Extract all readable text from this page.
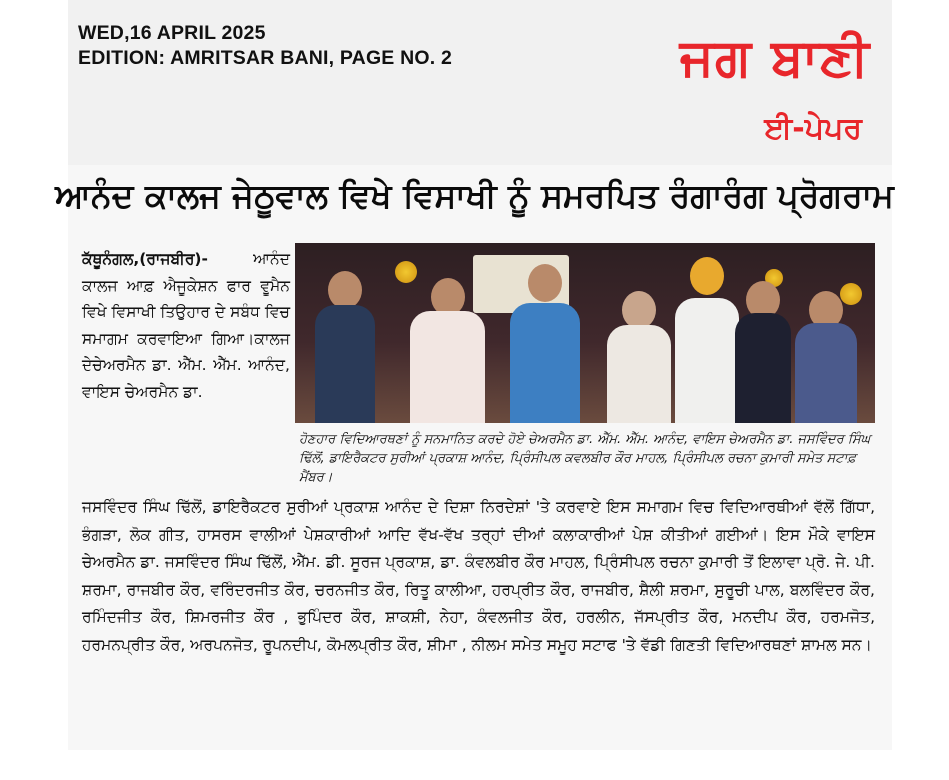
WED,16 APRIL 2025
EDITION: AMRITSAR BANI, PAGE NO. 2	ਜਗ ਬਾਣੀ
ਈ-ਪੇਪਰ
ਆਨੰਦ ਕਾਲਜ ਜੇਠੂਵਾਲ ਵਿਖੇ ਵਿਸਾਖੀ ਨੂੰ ਸਮਰਪਿਤ ਰੰਗਾਰੰਗ ਪ੍ਰੋਗਰਾਮ
ਕੱਥੂਨੰਗਲ,(ਰਾਜਬੀਰ)-	ਆਨੰਦ ਕਾਲਜ ਆਫ਼ ਐਜੂਕੇਸ਼ਨ ਫਾਰ ਵੂਮੈਨ ਵਿਖੇ ਵਿਸਾਖੀ ਤਿਉਹਾਰ ਦੇ ਸਬੰਧ ਵਿਚ ਸਮਾਗਮ ਕਰਵਾਇਆ ਗਿਆ।ਕਾਲਜ ਦੇਚੇਅਰਮੈਨ ਡਾ. ਐੱਮ. ਐੱਮ. ਆਨੰਦ, ਵਾਇਸ ਚੇਅਰਮੈਨ ਡਾ.
ਹੋਣਹਾਰ ਵਿਦਿਆਰਥਣਾਂ ਨੂੰ ਸਨਮਾਨਿਤ ਕਰਦੇ ਹੋਏ ਚੇਅਰਮੈਨ ਡਾ. ਐੱਮ. ਐੱਮ. ਆਨੰਦ, ਵਾਇਸ ਚੇਅਰਮੈਨ ਡਾ. ਜਸਵਿੰਦਰ ਸਿੰਘ ਢਿੱਲੋਂ, ਡਾਇਰੈਕਟਰ ਸੁਰੀਆਂ ਪ੍ਰਕਾਸ਼ ਆਨੰਦ, ਪ੍ਰਿੰਸੀਪਲ ਕਵਲਬੀਰ ਕੌਰ ਮਾਹਲ, ਪ੍ਰਿੰਸੀਪਲ ਰਚਨਾ ਕੁਮਾਰੀ ਸਮੇਤ ਸਟਾਫ਼ ਮੈਂਬਰ।
ਜਸਵਿੰਦਰ ਸਿੰਘ ਢਿੱਲੋਂ, ਡਾਇਰੈਕਟਰ ਸੁਰੀਆਂ ਪ੍ਰਕਾਸ਼ ਆਨੰਦ ਦੇ ਦਿਸ਼ਾ ਨਿਰਦੇਸ਼ਾਂ 'ਤੇ ਕਰਵਾਏ ਇਸ ਸਮਾਗਮ ਵਿਚ ਵਿਦਿਆਰਥੀਆਂ ਵੱਲੋਂ ਗਿੱਧਾ, ਭੰਗੜਾ, ਲੋਕ ਗੀਤ, ਹਾਸਰਸ ਵਾਲੀਆਂ ਪੇਸ਼ਕਾਰੀਆਂ ਆਦਿ ਵੱਖ-ਵੱਖ ਤਰ੍ਹਾਂ ਦੀਆਂ ਕਲਾਕਾਰੀਆਂ ਪੇਸ਼ ਕੀਤੀਆਂ ਗਈਆਂ। ਇਸ ਮੌਕੇ ਵਾਇਸ ਚੇਅਰਮੈਨ ਡਾ. ਜਸਵਿੰਦਰ ਸਿੰਘ ਢਿੱਲੋਂ, ਐੱਮ. ਡੀ. ਸੂਰਜ ਪ੍ਰਕਾਸ਼, ਡਾ. ਕੰਵਲਬੀਰ ਕੌਰ ਮਾਹਲ, ਪ੍ਰਿੰਸੀਪਲ ਰਚਨਾ ਕੁਮਾਰੀ ਤੋਂ ਇਲਾਵਾ ਪ੍ਰੋ. ਜੇ. ਪੀ. ਸ਼ਰਮਾ, ਰਾਜਬੀਰ ਕੌਰ, ਵਰਿੰਦਰਜੀਤ ਕੌਰ, ਚਰਨਜੀਤ ਕੌਰ, ਰਿਤੂ ਕਾਲੀਆ, ਹਰਪ੍ਰੀਤ ਕੌਰ, ਰਾਜਬੀਰ, ਸ਼ੈਲੀ ਸ਼ਰਮਾ, ਸੁਰੂਚੀ ਪਾਲ, ਬਲਵਿੰਦਰ ਕੌਰ, ਰਮਿੰਦਜੀਤ ਕੌਰ, ਸ਼ਿਮਰਜੀਤ ਕੌਰ , ਭੁਪਿੰਦਰ ਕੌਰ, ਸ਼ਾਕਸ਼ੀ, ਨੇਹਾ, ਕੰਵਲਜੀਤ ਕੌਰ, ਹਰਲੀਨ, ਜੱਸਪ੍ਰੀਤ ਕੌਰ, ਮਨਦੀਪ ਕੌਰ, ਹਰਮਜੋਤ, ਹਰਮਨਪ੍ਰੀਤ ਕੌਰ, ਅਰਪਨਜੋਤ, ਰੂਪਨਦੀਪ, ਕੋਮਲਪ੍ਰੀਤ ਕੌਰ, ਸ਼ੀਮਾ , ਨੀਲਮ ਸਮੇਤ ਸਮੂਹ ਸਟਾਫ 'ਤੇ ਵੱਡੀ ਗਿਣਤੀ ਵਿਦਿਆਰਥਣਾਂ ਸ਼ਾਮਲ ਸਨ।
